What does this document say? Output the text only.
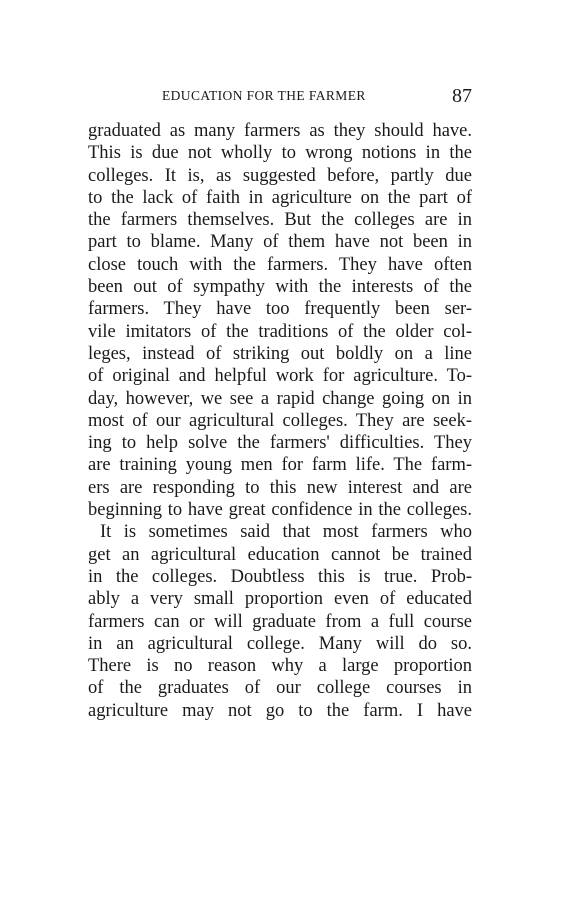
EDUCATION FOR THE FARMER	87
graduated as many farmers as they should have.
This is due not wholly to wrong notions in the
colleges. It is, as suggested before, partly due
to the lack of faith in agriculture on the part of
the farmers themselves. But the colleges are in
part to blame. Many of them have not been in
close touch with the farmers. They have often
been out of sympathy with the interests of the
farmers. They have too frequently been ser-
vile imitators of the traditions of the older col-
leges, instead of striking out boldly on a line
of original and helpful work for agriculture. To-
day, however, we see a rapid change going on in
most of our agricultural colleges. They are seek-
ing to help solve the farmers' difficulties. They
are training young men for farm life. The farm-
ers are responding to this new interest and are
beginning to have great confidence in the colleges.
It is sometimes said that most farmers who
get an agricultural education cannot be trained
in the colleges. Doubtless this is true. Prob-
ably a very small proportion even of educated
farmers can or will graduate from a full course
in an agricultural college. Many will do so.
There is no reason why a large proportion
of the graduates of our college courses in
agriculture may not go to the farm. I have
